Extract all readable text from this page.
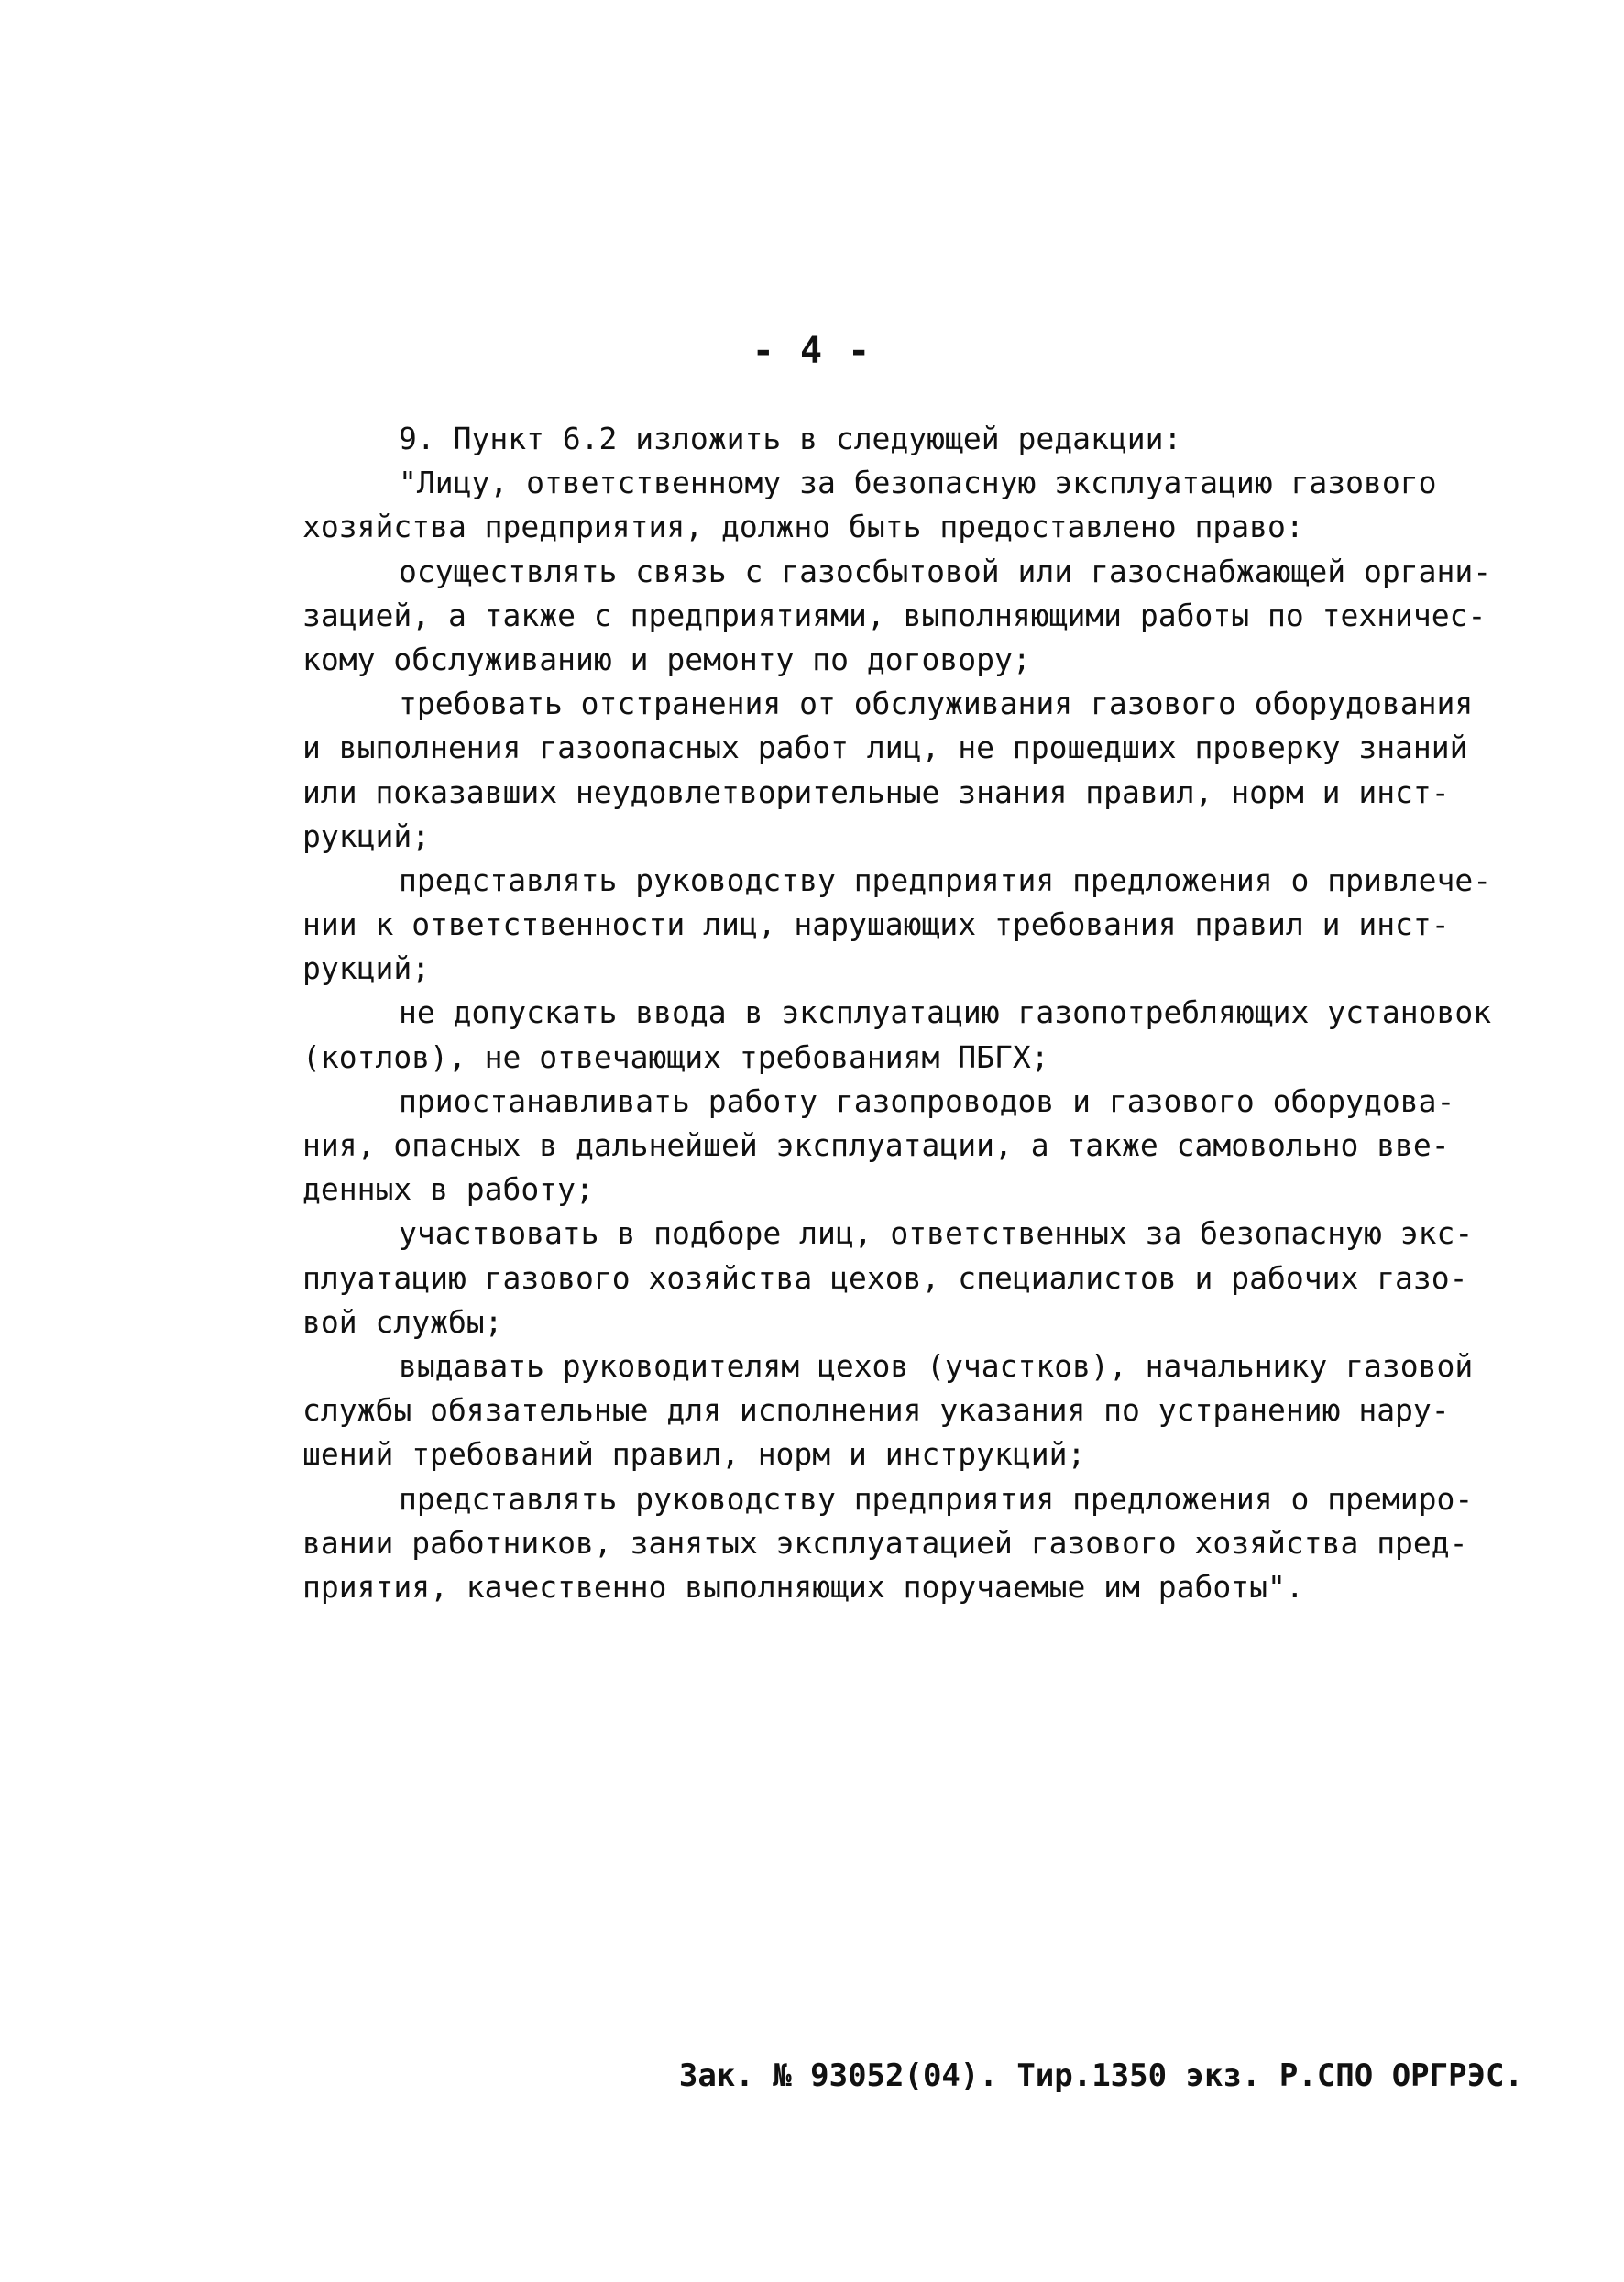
- 4 -
9. Пункт 6.2 изложить в следующей редакции:
"Лицу, ответственному за безопасную эксплуатацию газового
хозяйства предприятия, должно быть предоставлено право:
осуществлять связь с газосбытовой или газоснабжающей органи-
зацией, а также с предприятиями, выполняющими работы по техничес-
кому обслуживанию и ремонту по договору;
требовать отстранения от обслуживания газового оборудования
и выполнения газоопасных работ лиц, не прошедших проверку знаний
или показавших неудовлетворительные знания правил, норм и инст-
рукций;
представлять руководству предприятия предложения о привлече-
нии к ответственности лиц, нарушающих требования правил и инст-
рукций;
не допускать ввода в эксплуатацию газопотребляющих установок
(котлов), не отвечающих требованиям ПБГХ;
приостанавливать работу газопроводов и газового оборудова-
ния, опасных в дальнейшей эксплуатации, а также самовольно вве-
денных в работу;
участвовать в подборе лиц, ответственных за безопасную экс-
плуатацию газового хозяйства цехов, специалистов и рабочих газо-
вой службы;
выдавать руководителям цехов (участков), начальнику газовой
службы обязательные для исполнения указания по устранению нару-
шений требований правил, норм и инструкций;
представлять руководству предприятия предложения о премиро-
вании работников, занятых эксплуатацией газового хозяйства пред-
приятия, качественно выполняющих поручаемые им работы".
Зак. № 93052(04). Тир.1350 экз. Р.СПО ОРГРЭС.
